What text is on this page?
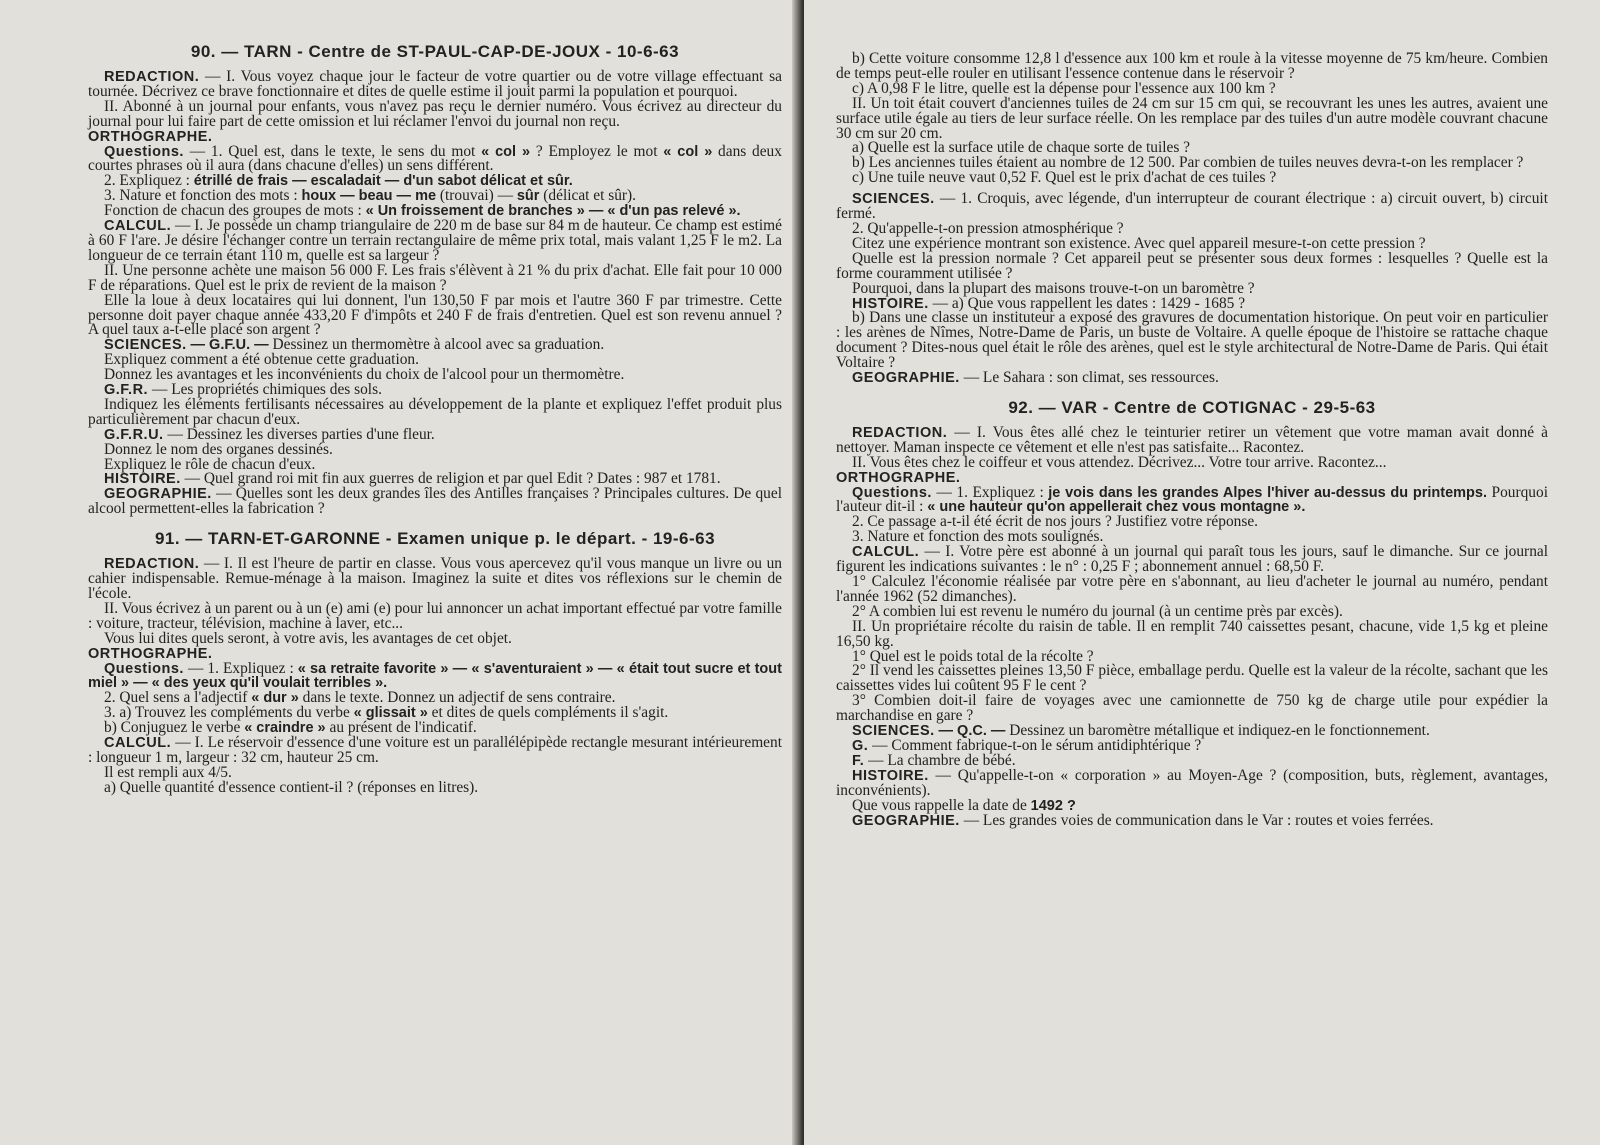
90. — TARN - Centre de ST-PAUL-CAP-DE-JOUX - 10-6-63

REDACTION. — I. Vous voyez chaque jour le facteur de votre quartier ou de votre village effectuant sa tournée. Décrivez ce brave fonctionnaire et dites de quelle estime il jouit parmi la population et pourquoi.

II. Abonné à un journal pour enfants, vous n'avez pas reçu le dernier numéro. Vous écrivez au directeur du journal pour lui faire part de cette omission et lui réclamer l'envoi du journal non reçu.

ORTHOGRAPHE.

Questions. — 1. Quel est, dans le texte, le sens du mot « col » ? Employez le mot « col » dans deux courtes phrases où il aura (dans chacune d'elles) un sens différent.

2. Expliquez : étrillé de frais — escaladait — d'un sabot délicat et sûr.

3. Nature et fonction des mots : houx — beau — me (trouvai) — sûr (délicat et sûr).

Fonction de chacun des groupes de mots : « Un froissement de branches » — « d'un pas relevé ».

CALCUL. — I. Je possède un champ triangulaire de 220 m de base sur 84 m de hauteur. Ce champ est estimé à 60 F l'are. Je désire l'échanger contre un terrain rectangulaire de même prix total, mais valant 1,25 F le m2. La longueur de ce terrain étant 110 m, quelle est sa largeur ?

II. Une personne achète une maison 56 000 F. Les frais s'élèvent à 21 % du prix d'achat. Elle fait pour 10 000 F de réparations. Quel est le prix de revient de la maison ?

Elle la loue à deux locataires qui lui donnent, l'un 130,50 F par mois et l'autre 360 F par trimestre. Cette personne doit payer chaque année 433,20 F d'impôts et 240 F de frais d'entretien. Quel est son revenu annuel ? A quel taux a-t-elle placé son argent ?

SCIENCES. — G.F.U. — Dessinez un thermomètre à alcool avec sa graduation.

Expliquez comment a été obtenue cette graduation.

Donnez les avantages et les inconvénients du choix de l'alcool pour un thermomètre.

G.F.R. — Les propriétés chimiques des sols.

Indiquez les éléments fertilisants nécessaires au développement de la plante et expliquez l'effet produit plus particulièrement par chacun d'eux.

G.F.R.U. — Dessinez les diverses parties d'une fleur.

Donnez le nom des organes dessinés.

Expliquez le rôle de chacun d'eux.

HISTOIRE. — Quel grand roi mit fin aux guerres de religion et par quel Edit ? Dates : 987 et 1781.

GEOGRAPHIE. — Quelles sont les deux grandes îles des Antilles françaises ? Principales cultures. De quel alcool permettent-elles la fabrication ?

91. — TARN-ET-GARONNE - Examen unique p. le départ. - 19-6-63

REDACTION. — I. Il est l'heure de partir en classe. Vous vous apercevez qu'il vous manque un livre ou un cahier indispensable. Remue-ménage à la maison. Imaginez la suite et dites vos réflexions sur le chemin de l'école.

II. Vous écrivez à un parent ou à un (e) ami (e) pour lui annoncer un achat important effectué par votre famille : voiture, tracteur, télévision, machine à laver, etc...

Vous lui dites quels seront, à votre avis, les avantages de cet objet.

ORTHOGRAPHE.

Questions. — 1. Expliquez : « sa retraite favorite » — « s'aventuraient » — « était tout sucre et tout miel » — « des yeux qu'il voulait terribles ».

2. Quel sens a l'adjectif « dur » dans le texte. Donnez un adjectif de sens contraire.

3. a) Trouvez les compléments du verbe « glissait » et dites de quels compléments il s'agit.

b) Conjuguez le verbe « craindre » au présent de l'indicatif.

CALCUL. — I. Le réservoir d'essence d'une voiture est un parallélépipède rectangle mesurant intérieurement : longueur 1 m, largeur : 32 cm, hauteur 25 cm.

Il est rempli aux 4/5.

a) Quelle quantité d'essence contient-il ? (réponses en litres).

b) Cette voiture consomme 12,8 l d'essence aux 100 km et roule à la vitesse moyenne de 75 km/heure. Combien de temps peut-elle rouler en utilisant l'essence contenue dans le réservoir ?

c) A 0,98 F le litre, quelle est la dépense pour l'essence aux 100 km ?

II. Un toit était couvert d'anciennes tuiles de 24 cm sur 15 cm qui, se recouvrant les unes les autres, avaient une surface utile égale au tiers de leur surface réelle. On les remplace par des tuiles d'un autre modèle couvrant chacune 30 cm sur 20 cm.

a) Quelle est la surface utile de chaque sorte de tuiles ?

b) Les anciennes tuiles étaient au nombre de 12 500. Par combien de tuiles neuves devra-t-on les remplacer ?

c) Une tuile neuve vaut 0,52 F. Quel est le prix d'achat de ces tuiles ?

SCIENCES. — 1. Croquis, avec légende, d'un interrupteur de courant électrique : a) circuit ouvert, b) circuit fermé.

2. Qu'appelle-t-on pression atmosphérique ?

Citez une expérience montrant son existence. Avec quel appareil mesure-t-on cette pression ?

Quelle est la pression normale ? Cet appareil peut se présenter sous deux formes : lesquelles ? Quelle est la forme couramment utilisée ?

Pourquoi, dans la plupart des maisons trouve-t-on un baromètre ?

HISTOIRE. — a) Que vous rappellent les dates : 1429 - 1685 ?

b) Dans une classe un instituteur a exposé des gravures de documentation historique. On peut voir en particulier : les arènes de Nîmes, Notre-Dame de Paris, un buste de Voltaire. A quelle époque de l'histoire se rattache chaque document ? Dites-nous quel était le rôle des arènes, quel est le style architectural de Notre-Dame de Paris. Qui était Voltaire ?

GEOGRAPHIE. — Le Sahara : son climat, ses ressources.

92. — VAR - Centre de COTIGNAC - 29-5-63

REDACTION. — I. Vous êtes allé chez le teinturier retirer un vêtement que votre maman avait donné à nettoyer. Maman inspecte ce vêtement et elle n'est pas satisfaite... Racontez.

II. Vous êtes chez le coiffeur et vous attendez. Décrivez... Votre tour arrive. Racontez...

ORTHOGRAPHE.

Questions. — 1. Expliquez : je vois dans les grandes Alpes l'hiver au-dessus du printemps. Pourquoi l'auteur dit-il : « une hauteur qu'on appellerait chez vous montagne ».

2. Ce passage a-t-il été écrit de nos jours ? Justifiez votre réponse.

3. Nature et fonction des mots soulignés.

CALCUL. — I. Votre père est abonné à un journal qui paraît tous les jours, sauf le dimanche. Sur ce journal figurent les indications suivantes : le n° : 0,25 F ; abonnement annuel : 68,50 F.

1° Calculez l'économie réalisée par votre père en s'abonnant, au lieu d'acheter le journal au numéro, pendant l'année 1962 (52 dimanches).

2° A combien lui est revenu le numéro du journal (à un centime près par excès).

II. Un propriétaire récolte du raisin de table. Il en remplit 740 caissettes pesant, chacune, vide 1,5 kg et pleine 16,50 kg.

1° Quel est le poids total de la récolte ?

2° Il vend les caissettes pleines 13,50 F pièce, emballage perdu. Quelle est la valeur de la récolte, sachant que les caissettes vides lui coûtent 95 F le cent ?

3° Combien doit-il faire de voyages avec une camionnette de 750 kg de charge utile pour expédier la marchandise en gare ?

SCIENCES. — Q.C. — Dessinez un baromètre métallique et indiquez-en le fonctionnement.

G. — Comment fabrique-t-on le sérum antidiphtérique ?

F. — La chambre de bébé.

HISTOIRE. — Qu'appelle-t-on « corporation » au Moyen-Age ? (composition, buts, règlement, avantages, inconvénients).

Que vous rappelle la date de 1492 ?

GEOGRAPHIE. — Les grandes voies de communication dans le Var : routes et voies ferrées.
